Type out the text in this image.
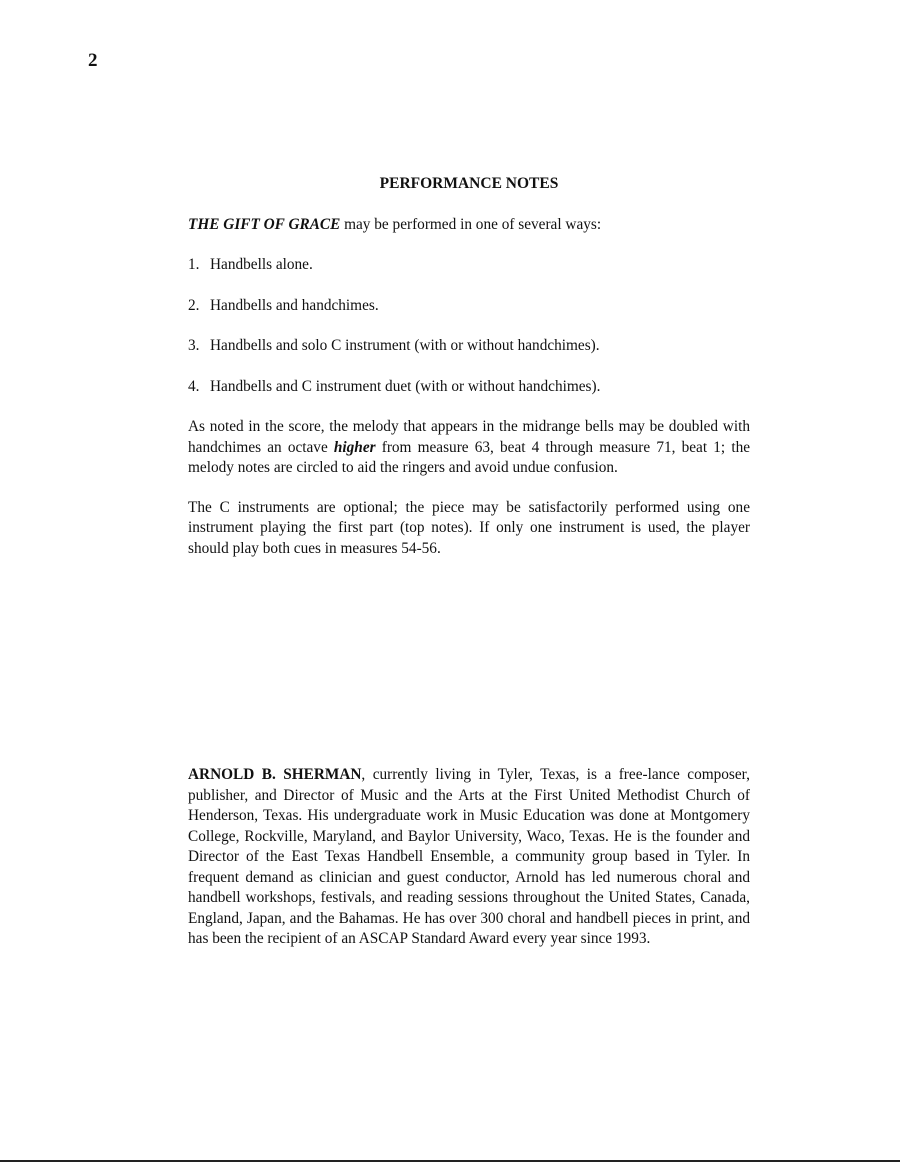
2
PERFORMANCE NOTES

THE GIFT OF GRACE may be performed in one of several ways:

1. Handbells alone.
2. Handbells and handchimes.
3. Handbells and solo C instrument (with or without handchimes).
4. Handbells and C instrument duet (with or without handchimes).

As noted in the score, the melody that appears in the midrange bells may be doubled with handchimes an octave higher from measure 63, beat 4 through measure 71, beat 1; the melody notes are circled to aid the ringers and avoid undue confusion.

The C instruments are optional; the piece may be satisfactorily performed using one instrument playing the first part (top notes). If only one instrument is used, the player should play both cues in measures 54-56.

ARNOLD B. SHERMAN, currently living in Tyler, Texas, is a free-lance composer, publisher, and Director of Music and the Arts at the First United Methodist Church of Henderson, Texas. His undergraduate work in Music Education was done at Montgomery College, Rockville, Maryland, and Baylor University, Waco, Texas. He is the founder and Director of the East Texas Handbell Ensemble, a community group based in Tyler. In frequent demand as clinician and guest conductor, Arnold has led numerous choral and handbell workshops, festivals, and reading sessions throughout the United States, Canada, England, Japan, and the Bahamas. He has over 300 choral and handbell pieces in print, and has been the recipient of an ASCAP Standard Award every year since 1993.
